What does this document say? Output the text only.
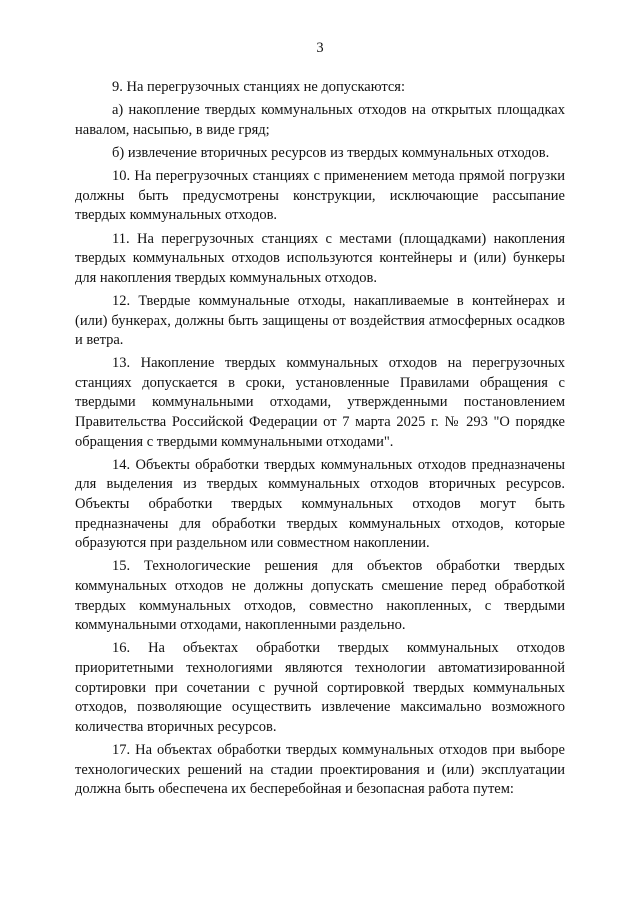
3

9. На перегрузочных станциях не допускаются:

а) накопление твердых коммунальных отходов на открытых площадках навалом, насыпью, в виде гряд;

б) извлечение вторичных ресурсов из твердых коммунальных отходов.

10. На перегрузочных станциях с применением метода прямой погрузки должны быть предусмотрены конструкции, исключающие рассыпание твердых коммунальных отходов.

11. На перегрузочных станциях с местами (площадками) накопления твердых коммунальных отходов используются контейнеры и (или) бункеры для накопления твердых коммунальных отходов.

12. Твердые коммунальные отходы, накапливаемые в контейнерах и (или) бункерах, должны быть защищены от воздействия атмосферных осадков и ветра.

13. Накопление твердых коммунальных отходов на перегрузочных станциях допускается в сроки, установленные Правилами обращения с твердыми коммунальными отходами, утвержденными постановлением Правительства Российской Федерации от 7 марта 2025 г. № 293 "О порядке обращения с твердыми коммунальными отходами".

14. Объекты обработки твердых коммунальных отходов предназначены для выделения из твердых коммунальных отходов вторичных ресурсов. Объекты обработки твердых коммунальных отходов могут быть предназначены для обработки твердых коммунальных отходов, которые образуются при раздельном или совместном накоплении.

15. Технологические решения для объектов обработки твердых коммунальных отходов не должны допускать смешение перед обработкой твердых коммунальных отходов, совместно накопленных, с твердыми коммунальными отходами, накопленными раздельно.

16. На объектах обработки твердых коммунальных отходов приоритетными технологиями являются технологии автоматизированной сортировки при сочетании с ручной сортировкой твердых коммунальных отходов, позволяющие осуществить извлечение максимально возможного количества вторичных ресурсов.

17. На объектах обработки твердых коммунальных отходов при выборе технологических решений на стадии проектирования и (или) эксплуатации должна быть обеспечена их бесперебойная и безопасная работа путем:
